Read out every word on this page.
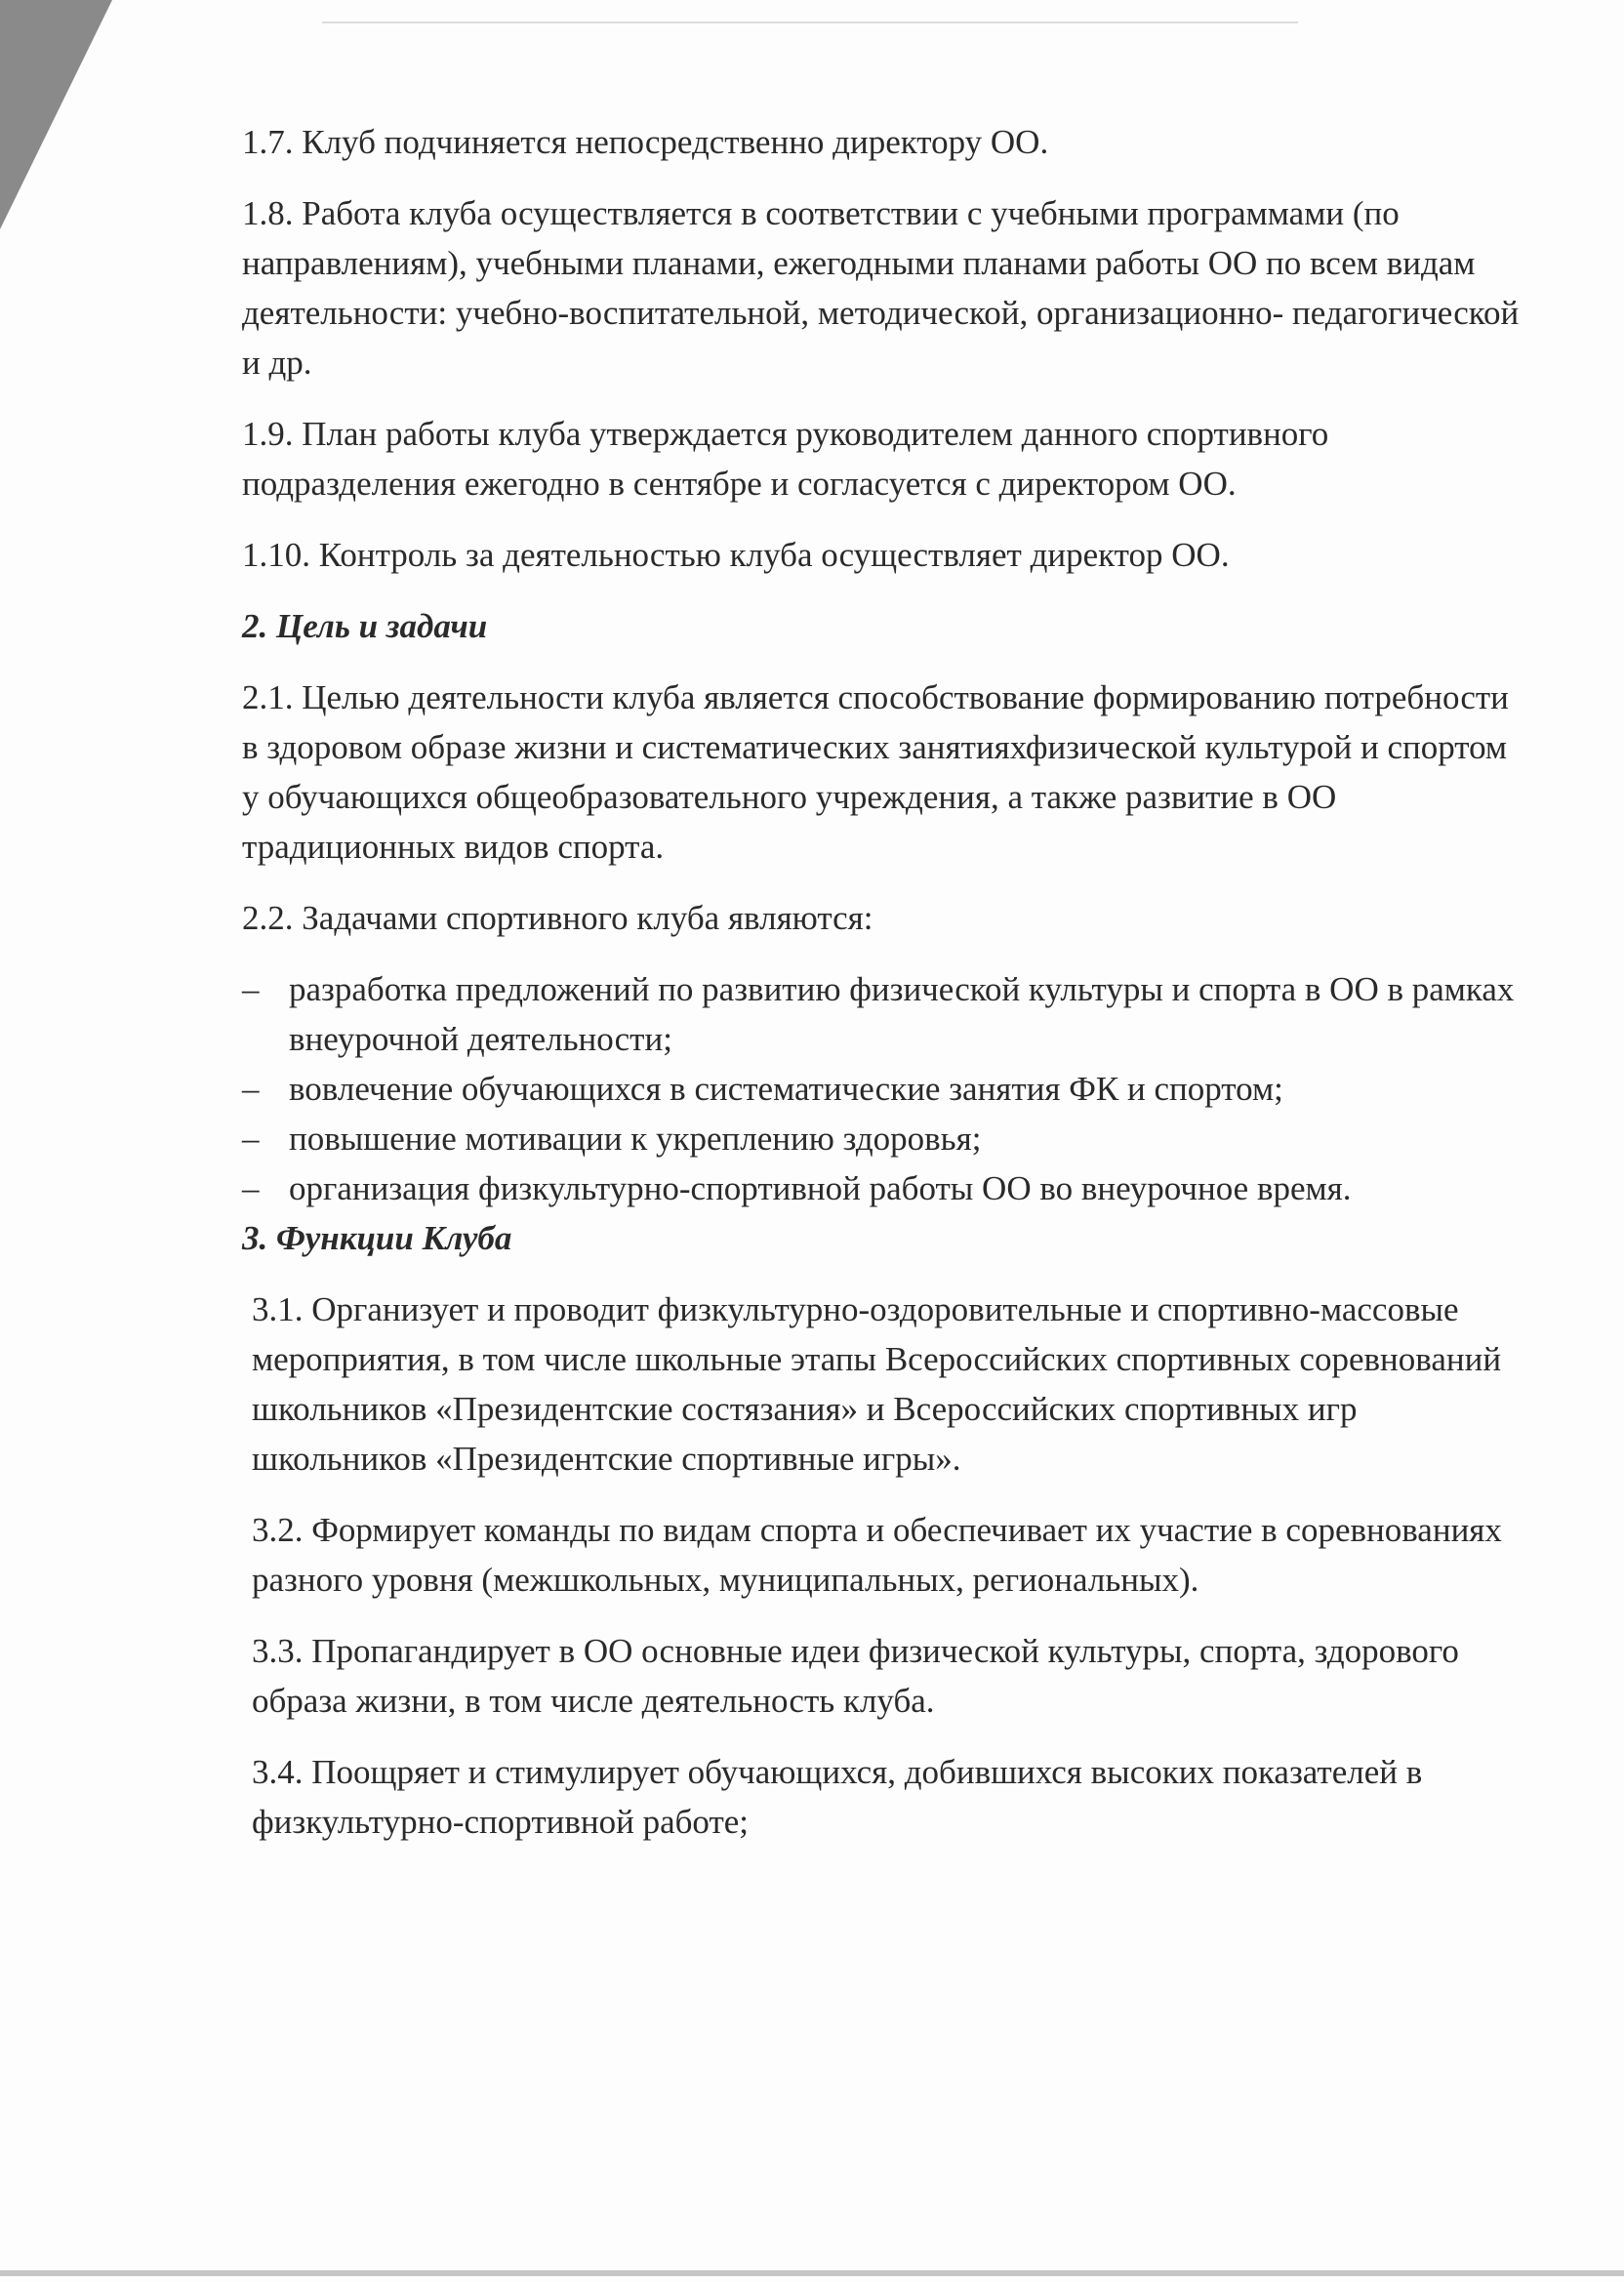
1.7. Клуб подчиняется непосредственно директору ОО.

1.8. Работа клуба осуществляется в соответствии с учебными программами (по направлениям), учебными планами, ежегодными планами работы ОО по всем видам деятельности: учебно-воспитательной, методической, организационно- педагогической и др.

1.9. План работы клуба утверждается руководителем данного спортивного подразделения ежегодно в сентябре и согласуется с директором ОО.

1.10. Контроль за деятельностью клуба осуществляет директор ОО.

2. Цель и задачи

2.1. Целью деятельности клуба является способствование формированию потребности в здоровом образе жизни и систематических занятияхфизической культурой и спортом у обучающихся общеобразовательного учреждения, а также развитие в ОО традиционных видов спорта.

2.2. Задачами спортивного клуба являются:

– разработка предложений по развитию физической культуры и спорта в ОО в рамках внеурочной деятельности;
– вовлечение обучающихся в систематические занятия ФК и спортом;
– повышение мотивации к укреплению здоровья;
– организация физкультурно-спортивной работы ОО во внеурочное время.

3. Функции Клуба

3.1. Организует и проводит физкультурно-оздоровительные и спортивно-массовые мероприятия, в том числе школьные этапы Всероссийских спортивных соревнований школьников «Президентские состязания» и Всероссийских спортивных игр школьников «Президентские спортивные игры».

3.2. Формирует команды по видам спорта и обеспечивает их участие в соревнованиях разного уровня (межшкольных, муниципальных, региональных).

3.3. Пропагандирует в ОО основные идеи физической культуры, спорта, здорового образа жизни, в том числе деятельность клуба.

3.4. Поощряет и стимулирует обучающихся, добившихся высоких показателей в физкультурно-спортивной работе;
